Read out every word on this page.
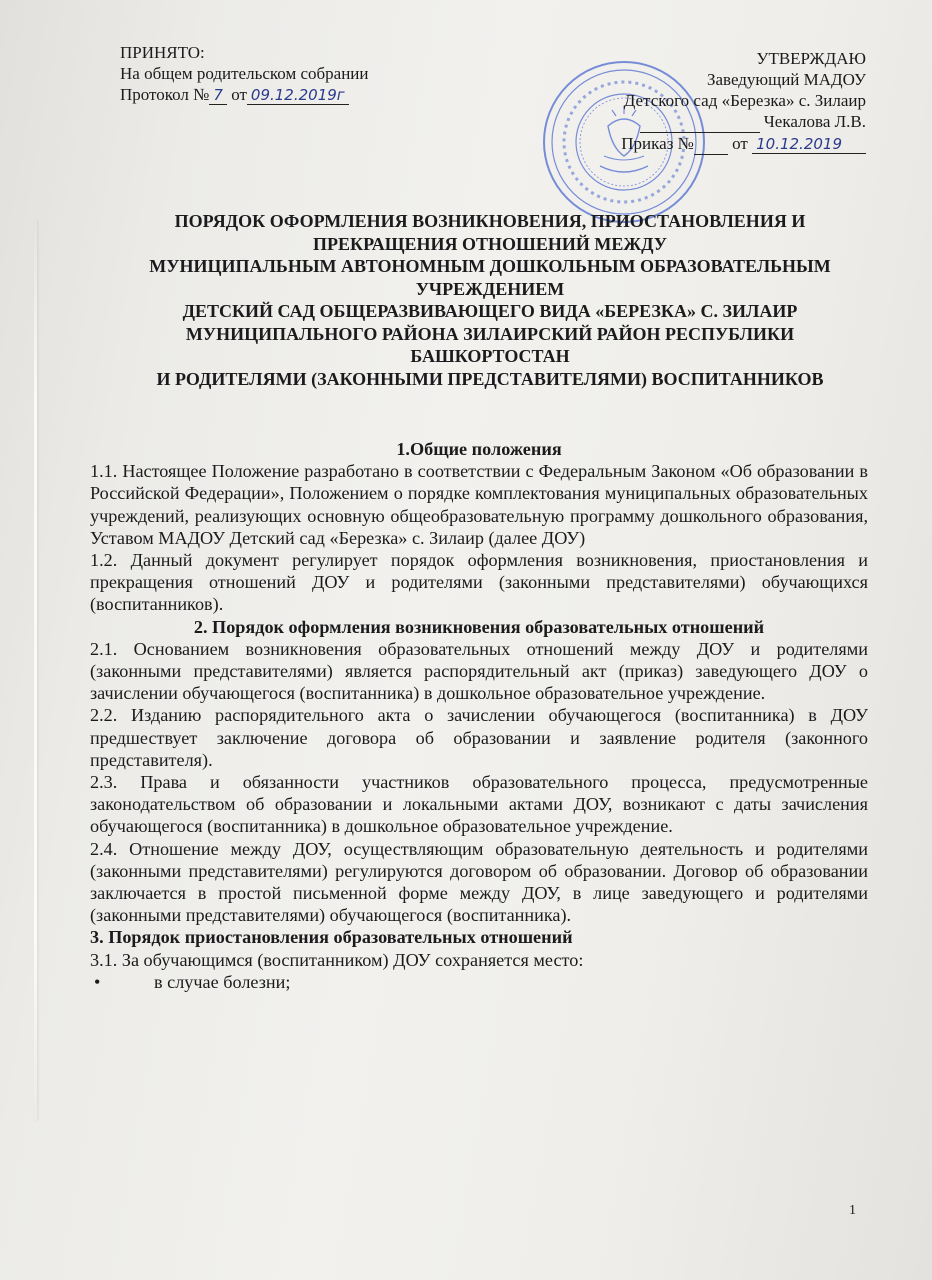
ПРИНЯТО:
На общем родительском собрании
Протокол № 7 от 09.12.2019г
УТВЕРЖДАЮ
Заведующий МАДОУ
Детского сад «Березка» с. Зилаир
Чекалова Л.В.
Приказ № от 10.12.2019
ПОРЯДОК ОФОРМЛЕНИЯ ВОЗНИКНОВЕНИЯ, ПРИОСТАНОВЛЕНИЯ И
ПРЕКРАЩЕНИЯ ОТНОШЕНИЙ МЕЖДУ
МУНИЦИПАЛЬНЫМ АВТОНОМНЫМ ДОШКОЛЬНЫМ ОБРАЗОВАТЕЛЬНЫМ
УЧРЕЖДЕНИЕМ
ДЕТСКИЙ САД ОБЩЕРАЗВИВАЮЩЕГО ВИДА «БЕРЕЗКА» С. ЗИЛАИР
МУНИЦИПАЛЬНОГО РАЙОНА ЗИЛАИРСКИЙ РАЙОН РЕСПУБЛИКИ
БАШКОРТОСТАН
И РОДИТЕЛЯМИ (ЗАКОННЫМИ ПРЕДСТАВИТЕЛЯМИ) ВОСПИТАННИКОВ
1.Общие положения

1.1. Настоящее Положение разработано в соответствии с Федеральным Законом «Об образовании в Российской Федерации», Положением о порядке комплектования муниципальных образовательных учреждений, реализующих основную общеобразовательную программу дошкольного образования, Уставом МАДОУ Детский сад «Березка» с. Зилаир (далее ДОУ)

1.2. Данный документ регулирует порядок оформления возникновения, приостановления и прекращения отношений ДОУ и родителями (законными представителями) обучающихся (воспитанников).

2. Порядок оформления возникновения образовательных отношений

2.1. Основанием возникновения образовательных отношений между ДОУ и родителями (законными представителями) является распорядительный акт (приказ) заведующего ДОУ о зачислении обучающегося (воспитанника) в дошкольное образовательное учреждение.

2.2. Изданию распорядительного акта о зачислении обучающегося (воспитанника) в ДОУ предшествует заключение договора об образовании и заявление родителя (законного представителя).

2.3. Права и обязанности участников образовательного процесса, предусмотренные законодательством об образовании и локальными актами ДОУ, возникают с даты зачисления обучающегося (воспитанника) в дошкольное образовательное учреждение.

2.4. Отношение между ДОУ, осуществляющим образовательную деятельность и родителями (законными представителями) регулируются договором об образовании. Договор об образовании заключается в простой письменной форме между ДОУ, в лице заведующего и родителями (законными представителями) обучающегося (воспитанника).

3. Порядок приостановления образовательных отношений

3.1. За обучающимся (воспитанником) ДОУ сохраняется место:

•	в случае болезни;
1
